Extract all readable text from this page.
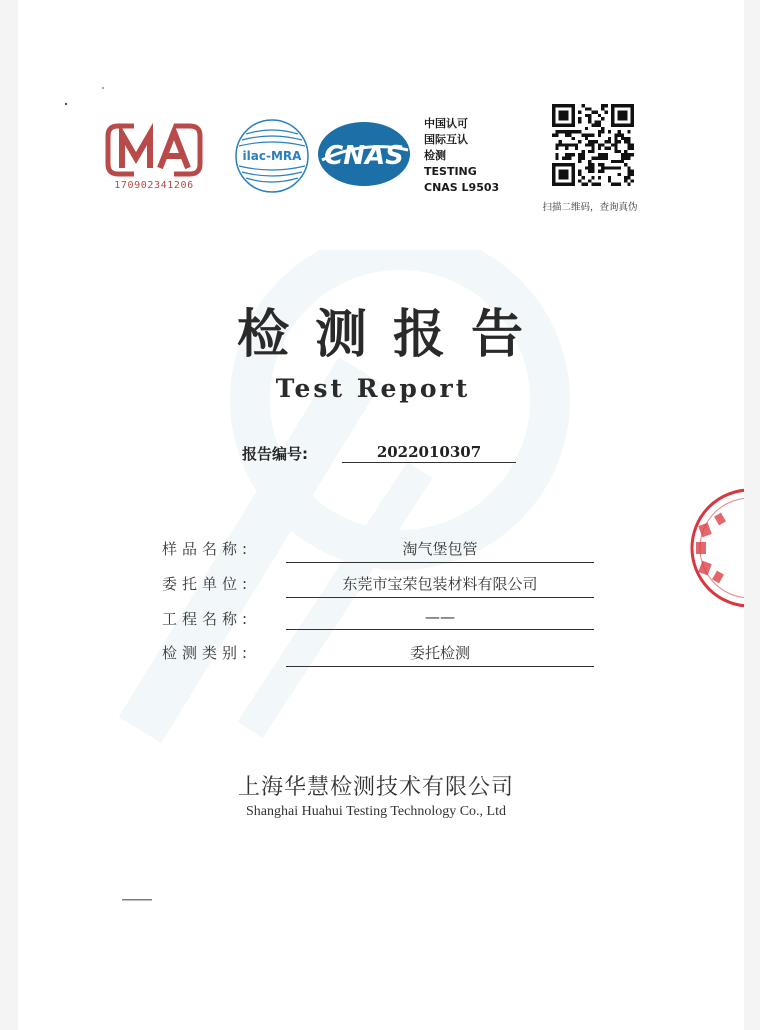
170902341206
ilac-MRA CNAS
中国认可
国际互认
检测
TESTING
CNAS L9503
扫描二维码，查询真伪
检测报告
Test Report
报告编号:	2022010307
样品名称:	淘气堡包管
委托单位:	东莞市宝荣包装材料有限公司
工程名称:	——
检测类别:	委托检测
上海华慧检测技术有限公司
Shanghai Huahui Testing Technology Co., Ltd
